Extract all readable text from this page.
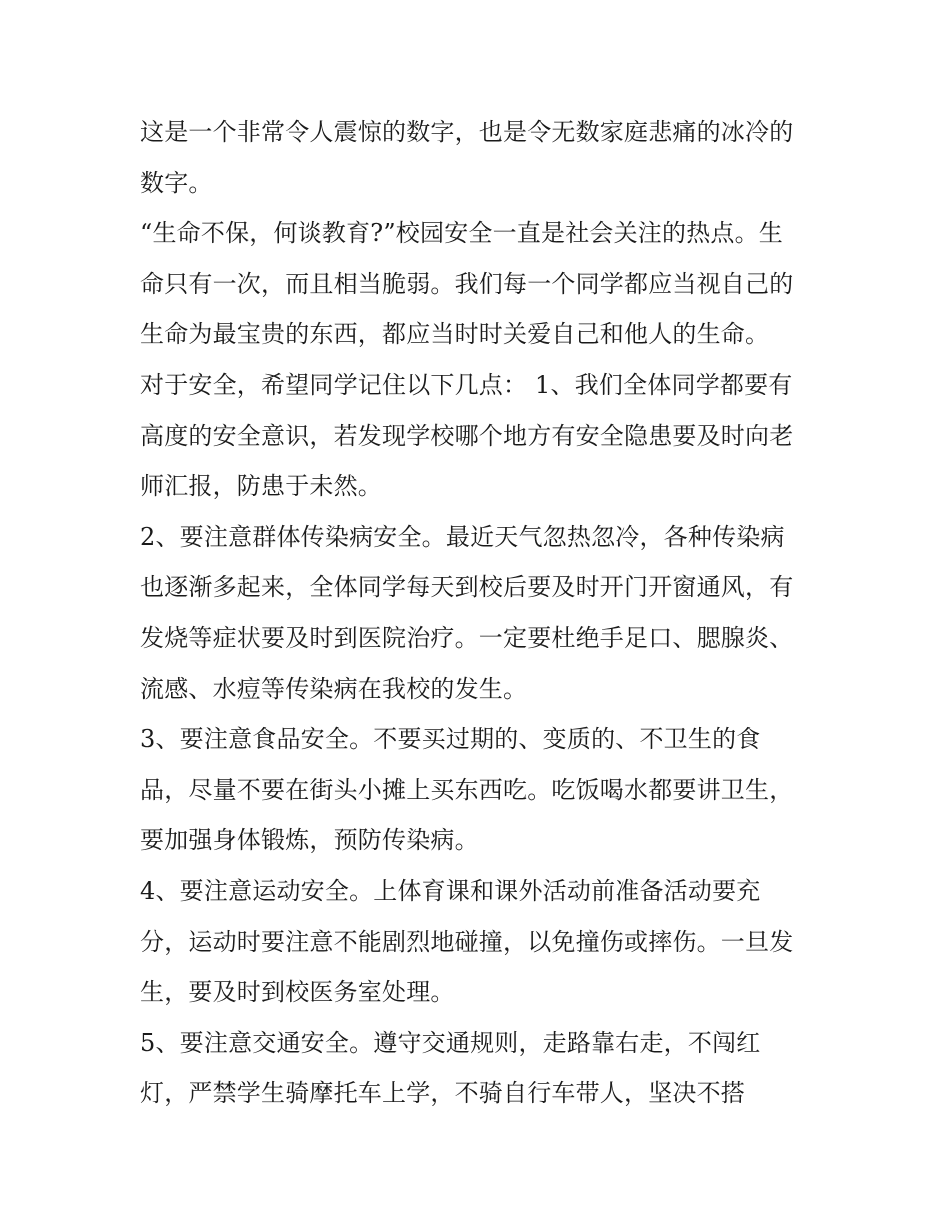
这是一个非常令人震惊的数字，也是令无数家庭悲痛的冰冷的
数字。
“生命不保，何谈教育?”校园安全一直是社会关注的热点。生
命只有一次，而且相当脆弱。我们每一个同学都应当视自己的
生命为最宝贵的东西，都应当时时关爱自己和他人的生命。
对于安全，希望同学记住以下几点： 1、我们全体同学都要有
高度的安全意识，若发现学校哪个地方有安全隐患要及时向老
师汇报，防患于未然。
2、要注意群体传染病安全。最近天气忽热忽冷，各种传染病
也逐渐多起来，全体同学每天到校后要及时开门开窗通风，有
发烧等症状要及时到医院治疗。一定要杜绝手足口、腮腺炎、
流感、水痘等传染病在我校的发生。
3、要注意食品安全。不要买过期的、变质的、不卫生的食
品，尽量不要在街头小摊上买东西吃。吃饭喝水都要讲卫生，
要加强身体锻炼，预防传染病。
4、要注意运动安全。上体育课和课外活动前准备活动要充
分，运动时要注意不能剧烈地碰撞，以免撞伤或摔伤。一旦发
生，要及时到校医务室处理。
5、要注意交通安全。遵守交通规则，走路靠右走，不闯红
灯，严禁学生骑摩托车上学，不骑自行车带人，坚决不搭
